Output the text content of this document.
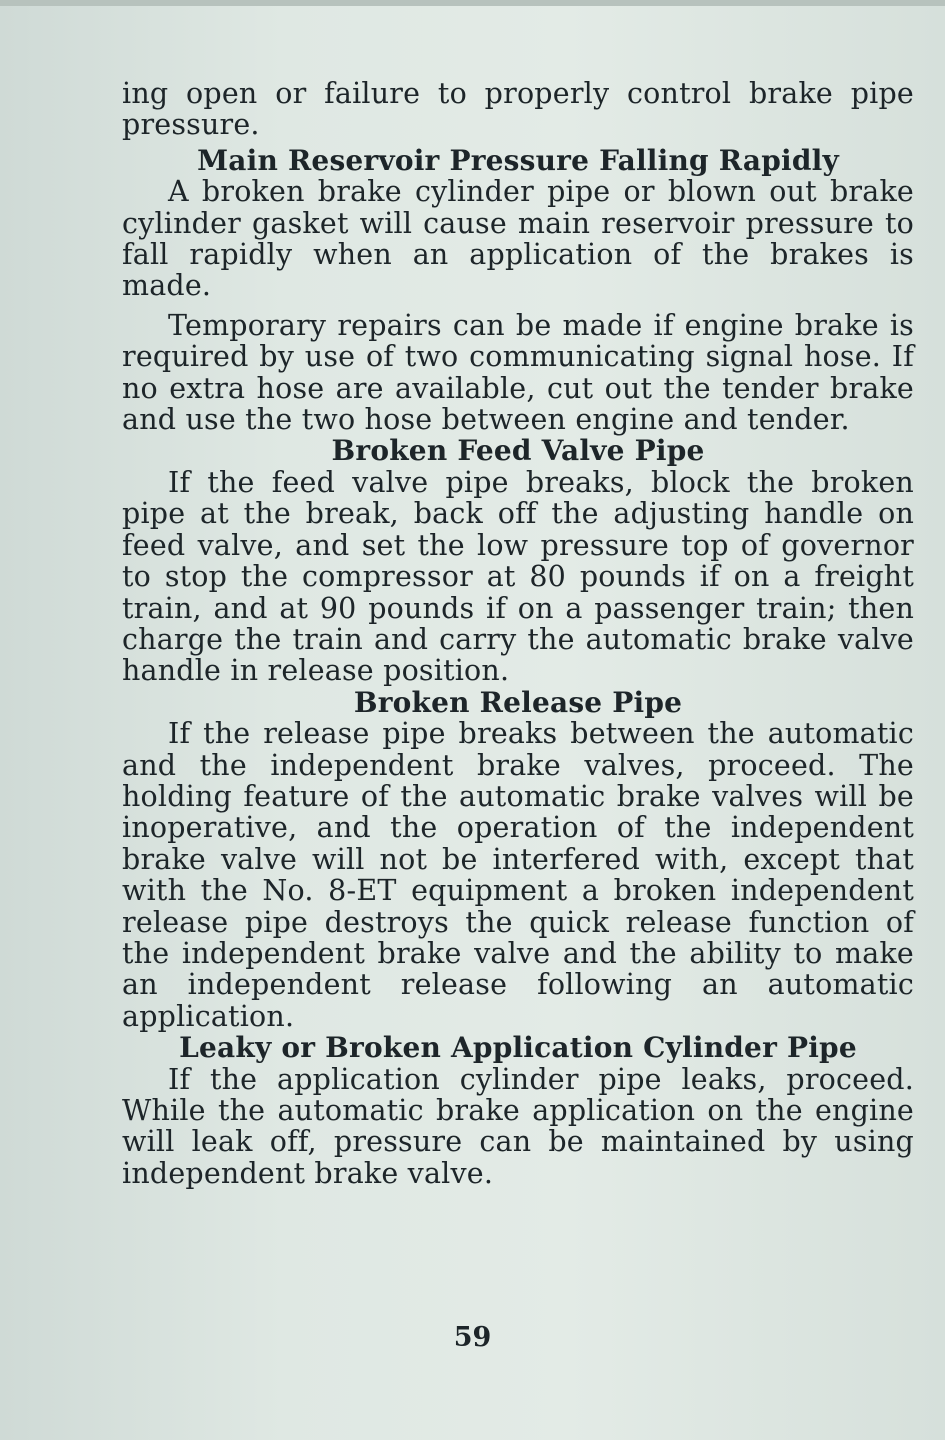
ing open or failure to properly control brake pipe pressure.

Main Reservoir Pressure Falling Rapidly

A broken brake cylinder pipe or blown out brake cylinder gasket will cause main reservoir pressure to fall rapidly when an application of the brakes is made.

Temporary repairs can be made if engine brake is required by use of two communicating signal hose. If no extra hose are available, cut out the tender brake and use the two hose between engine and tender.

Broken Feed Valve Pipe

If the feed valve pipe breaks, block the broken pipe at the break, back off the adjusting handle on feed valve, and set the low pressure top of governor to stop the compressor at 80 pounds if on a freight train, and at 90 pounds if on a passenger train; then charge the train and carry the automatic brake valve handle in release position.

Broken Release Pipe

If the release pipe breaks between the automatic and the independent brake valves, proceed. The holding feature of the automatic brake valves will be inoperative, and the operation of the independent brake valve will not be interfered with, except that with the No. 8-ET equipment a broken independent release pipe destroys the quick release function of the independent brake valve and the ability to make an independent release following an automatic application.

Leaky or Broken Application Cylinder Pipe

If the application cylinder pipe leaks, proceed. While the automatic brake application on the engine will leak off, pressure can be maintained by using independent brake valve.

59
